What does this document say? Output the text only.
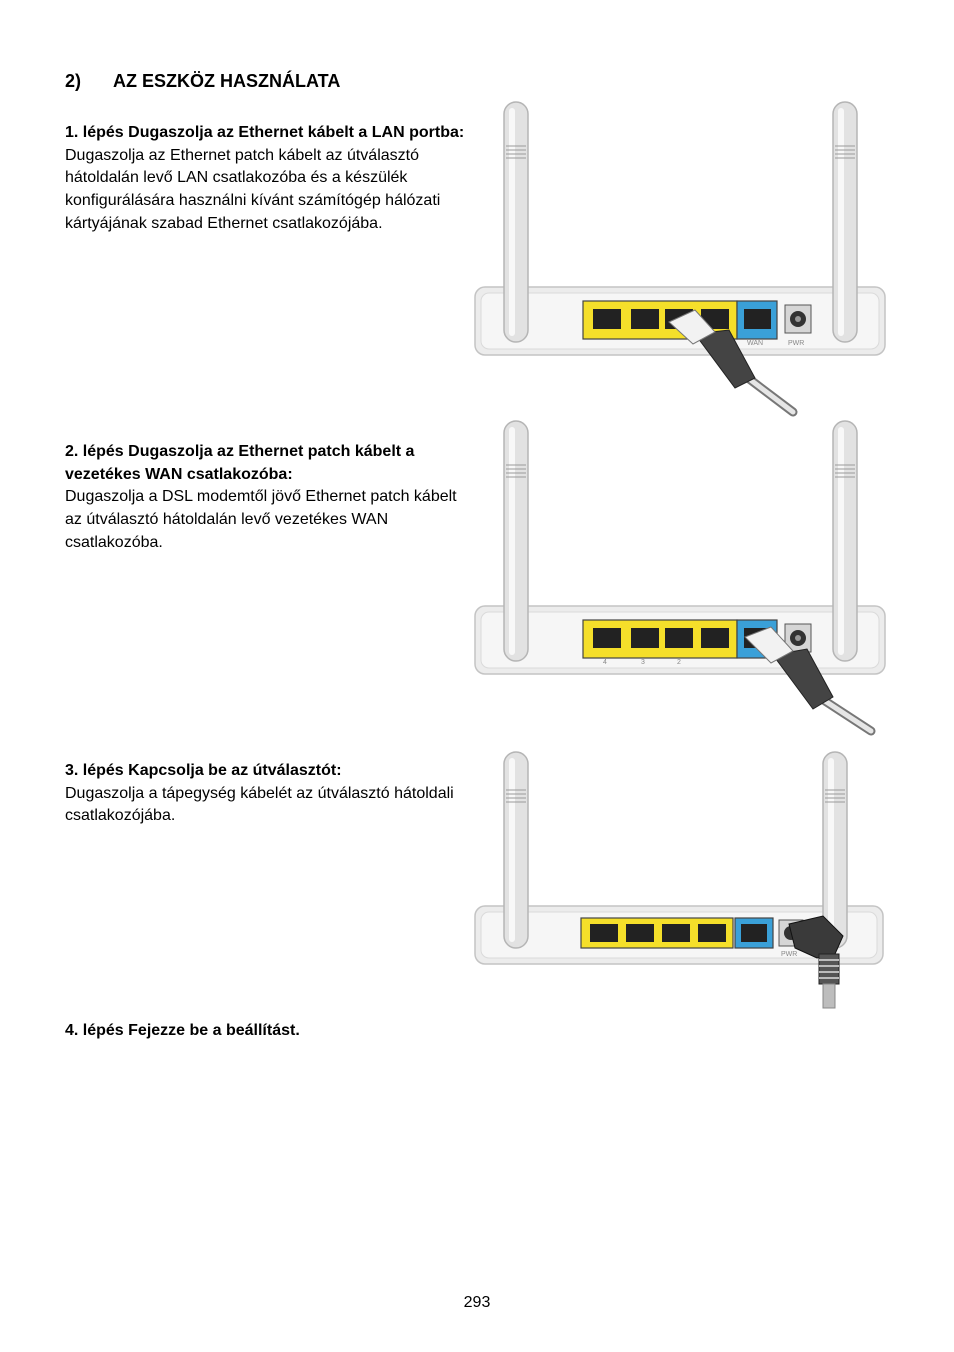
2) AZ ESZKÖZ HASZNÁLATA

1. lépés Dugaszolja az Ethernet kábelt a LAN portba:

Dugaszolja az Ethernet patch kábelt az útválasztó hátoldalán levő LAN csatlakozóba és a készülék konfigurálására használni kívánt számítógép hálózati kártyájának szabad Ethernet csatlakozójába.

2. lépés Dugaszolja az Ethernet patch kábelt a vezetékes WAN csatlakozóba:

Dugaszolja a DSL modemtől jövő Ethernet patch kábelt az útválasztó hátoldalán levő vezetékes WAN csatlakozóba.

3. lépés Kapcsolja be az útválasztót:

Dugaszolja a tápegység kábelét az útválasztó hátoldali csatlakozójába.

4. lépés Fejezze be a beállítást.

WAN	PWR
4	3	2
PWR
293
